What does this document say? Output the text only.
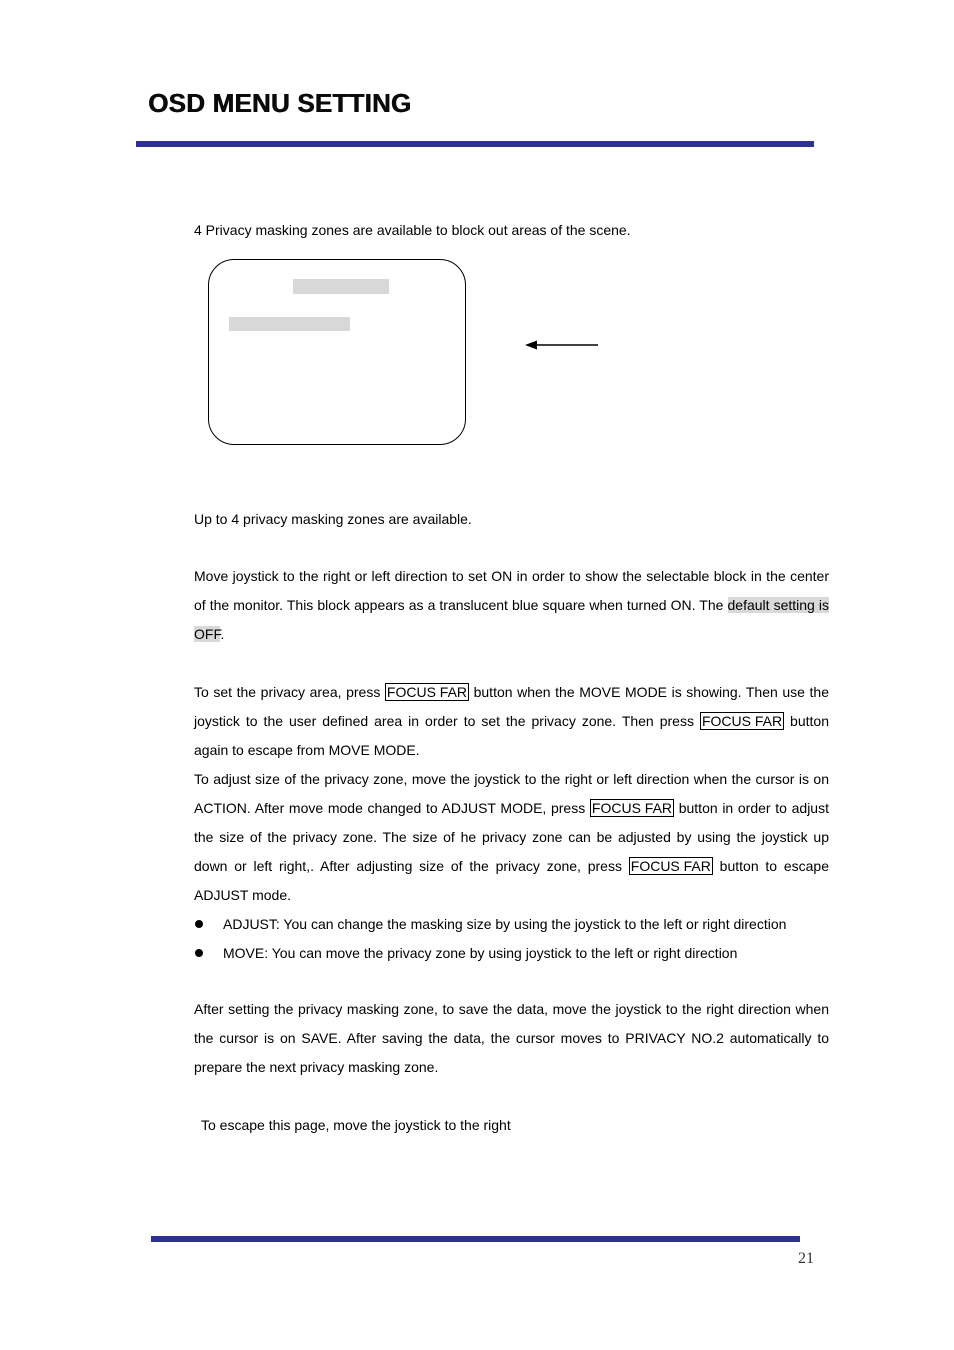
OSD MENU SETTING
4 Privacy masking zones are available to block out areas of the scene.

Up to 4 privacy masking zones are available.

Move joystick to the right or left direction to set ON in order to show the selectable block in the center of the monitor. This block appears as a translucent blue square when turned ON. The default setting is OFF.

To set the privacy area, press FOCUS FAR button when the MOVE MODE is showing. Then use the joystick to the user defined area in order to set the privacy zone. Then press FOCUS FAR button again to escape from MOVE MODE.

To adjust size of the privacy zone, move the joystick to the right or left direction when the cursor is on ACTION. After move mode changed to ADJUST MODE, press FOCUS FAR button in order to adjust the size of the privacy zone. The size of he privacy zone can be adjusted by using the joystick up down or left right,. After adjusting size of the privacy zone, press FOCUS FAR button to escape ADJUST mode.

ADJUST: You can change the masking size by using the joystick to the left or right direction
MOVE: You can move the privacy zone by using joystick to the left or right direction

After setting the privacy masking zone, to save the data, move the joystick to the right direction when the cursor is on SAVE. After saving the data, the cursor moves to PRIVACY NO.2 automatically to prepare the next privacy masking zone.

To escape this page, move the joystick to the right

21
